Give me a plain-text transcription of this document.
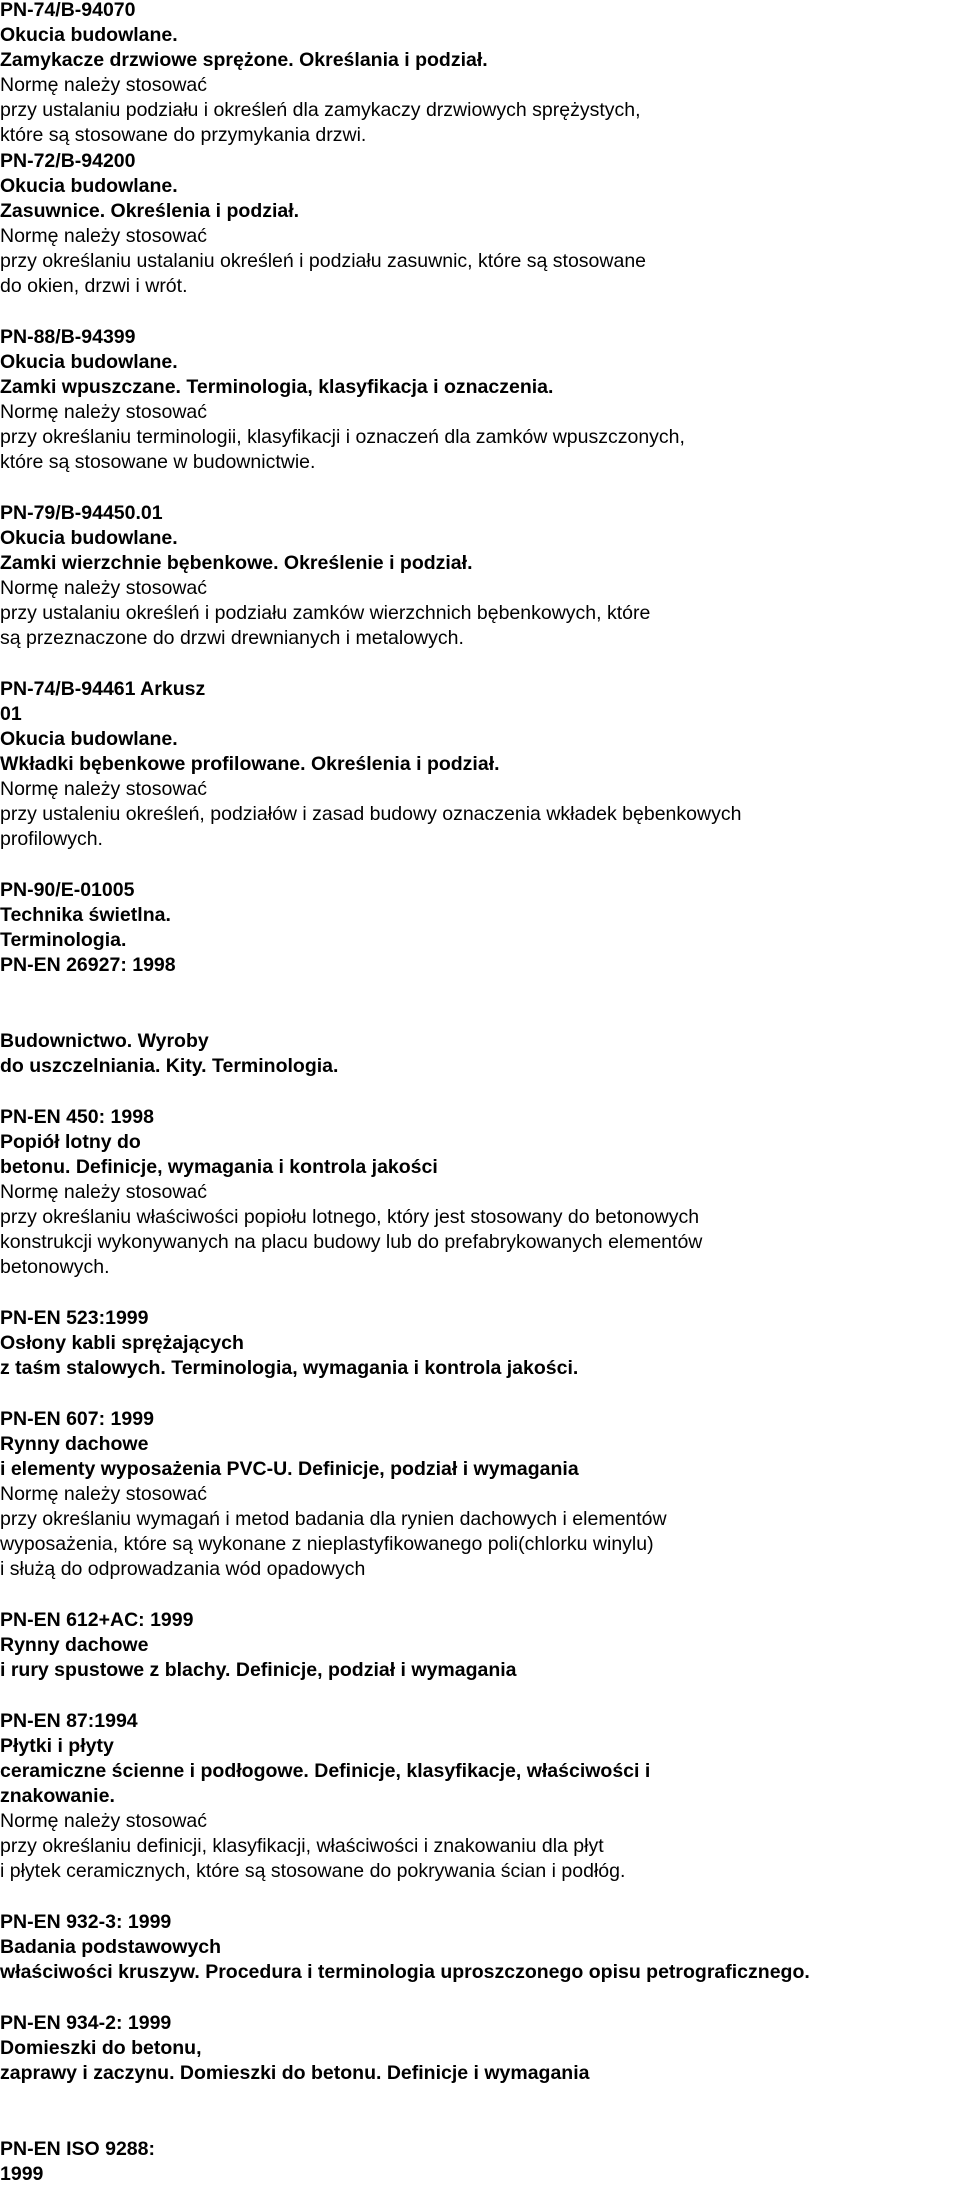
PN-74/B-94070
Okucia budowlane.
Zamykacze drzwiowe sprężone. Określania i podział.
Normę należy stosować
przy ustalaniu podziału i określeń dla zamykaczy drzwiowych sprężystych,
które są stosowane do przymykania drzwi.
PN-72/B-94200
Okucia budowlane.
Zasuwnice. Określenia i podział.
Normę należy stosować
przy określaniu ustalaniu określeń i podziału zasuwnic, które są stosowane
do okien, drzwi i wrót.
PN-88/B-94399
Okucia budowlane.
Zamki wpuszczane. Terminologia, klasyfikacja i oznaczenia.
Normę należy stosować
przy określaniu terminologii, klasyfikacji i oznaczeń dla zamków wpuszczonych,
które są stosowane w budownictwie.
PN-79/B-94450.01
Okucia budowlane.
Zamki wierzchnie bębenkowe. Określenie i podział.
Normę należy stosować
przy ustalaniu określeń i podziału zamków wierzchnich bębenkowych, które
są przeznaczone do drzwi drewnianych i metalowych.
PN-74/B-94461 Arkusz
01
Okucia budowlane.
Wkładki bębenkowe profilowane. Określenia i podział.
Normę należy stosować
przy ustaleniu określeń, podziałów i zasad budowy oznaczenia wkładek bębenkowych
profilowych.
PN-90/E-01005
Technika świetlna.
Terminologia.
PN-EN 26927: 1998
Budownictwo. Wyroby
do uszczelniania. Kity. Terminologia.
PN-EN 450: 1998
Popiół lotny do
betonu. Definicje, wymagania i kontrola jakości
Normę należy stosować
przy określaniu właściwości popiołu lotnego, który jest stosowany do betonowych
konstrukcji wykonywanych na placu budowy lub do prefabrykowanych elementów
betonowych.
PN-EN 523:1999
Osłony kabli sprężających
z taśm stalowych. Terminologia, wymagania i kontrola jakości.
PN-EN 607: 1999
Rynny dachowe
i elementy wyposażenia PVC-U. Definicje, podział i wymagania
Normę należy stosować
przy określaniu wymagań i metod badania dla rynien dachowych i elementów
wyposażenia, które są wykonane z nieplastyfikowanego poli(chlorku winylu)
i służą do odprowadzania wód opadowych
PN-EN 612+AC: 1999
Rynny dachowe
i rury spustowe z blachy. Definicje, podział i wymagania
PN-EN 87:1994
Płytki i płyty
ceramiczne ścienne i podłogowe. Definicje, klasyfikacje, właściwości i
znakowanie.
Normę należy stosować
przy określaniu definicji, klasyfikacji, właściwości i znakowaniu dla płyt
i płytek ceramicznych, które są stosowane do pokrywania ścian i podłóg.
PN-EN 932-3: 1999
Badania podstawowych
właściwości kruszyw. Procedura i terminologia uproszczonego opisu petrograficznego.
PN-EN 934-2: 1999
Domieszki do betonu,
zaprawy i zaczynu. Domieszki do betonu. Definicje i wymagania
PN-EN ISO 9288:
1999
